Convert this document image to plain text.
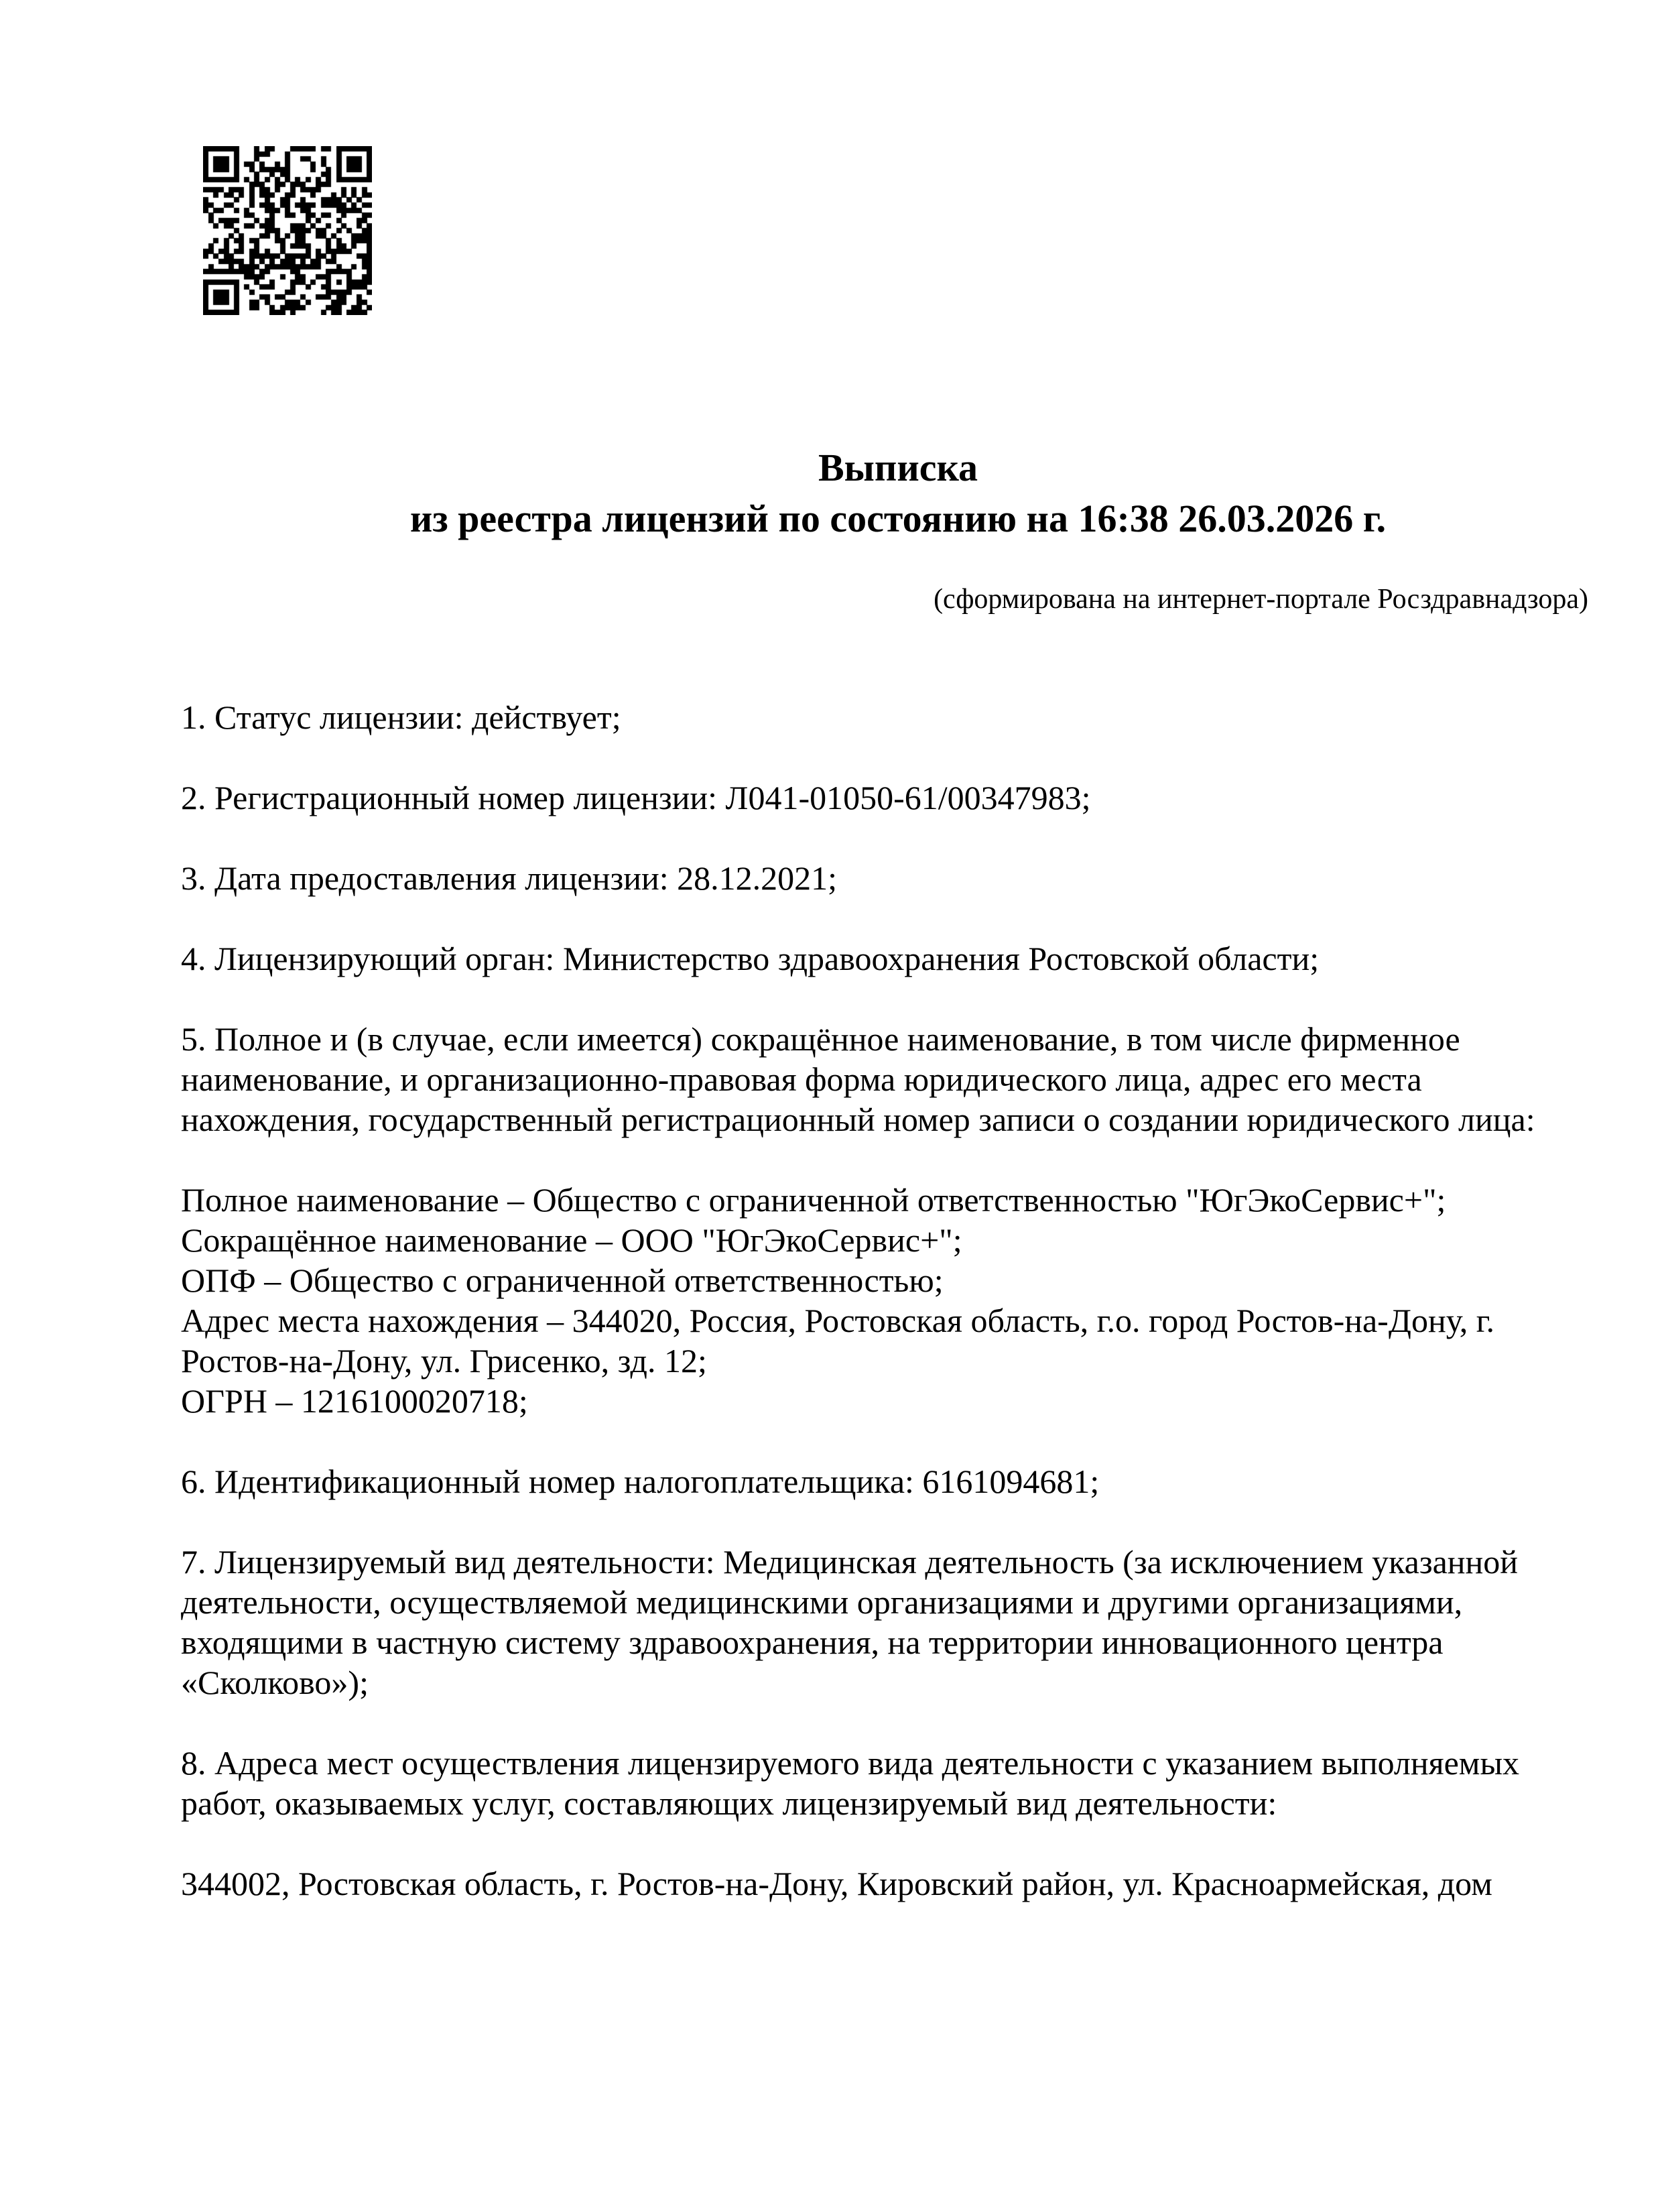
Выписка
из реестра лицензий по состоянию на 16:38 26.03.2026 г.
(сформирована на интернет-портале Росздравнадзора)
1. Статус лицензии: действует;
2. Регистрационный номер лицензии: Л041-01050-61/00347983;
3. Дата предоставления лицензии: 28.12.2021;
4. Лицензирующий орган: Министерство здравоохранения Ростовской области;
5. Полное и (в случае, если имеется) сокращённое наименование, в том числе фирменное
наименование, и организационно-правовая форма юридического лица, адрес его места
нахождения, государственный регистрационный номер записи о создании юридического лица:
Полное наименование – Общество с ограниченной ответственностью "ЮгЭкоСервис+";
Сокращённое наименование – ООО "ЮгЭкоСервис+";
ОПФ – Общество с ограниченной ответственностью;
Адрес места нахождения – 344020, Россия, Ростовская область, г.о. город Ростов-на-Дону, г.
Ростов-на-Дону, ул. Грисенко, зд. 12;
ОГРН – 1216100020718;
6. Идентификационный номер налогоплательщика: 6161094681;
7. Лицензируемый вид деятельности: Медицинская деятельность (за исключением указанной
деятельности, осуществляемой медицинскими организациями и другими организациями,
входящими в частную систему здравоохранения, на территории инновационного центра
«Сколково»);
8. Адреса мест осуществления лицензируемого вида деятельности с указанием выполняемых
работ, оказываемых услуг, составляющих лицензируемый вид деятельности:
344002, Ростовская область, г. Ростов-на-Дону, Кировский район, ул. Красноармейская, дом
